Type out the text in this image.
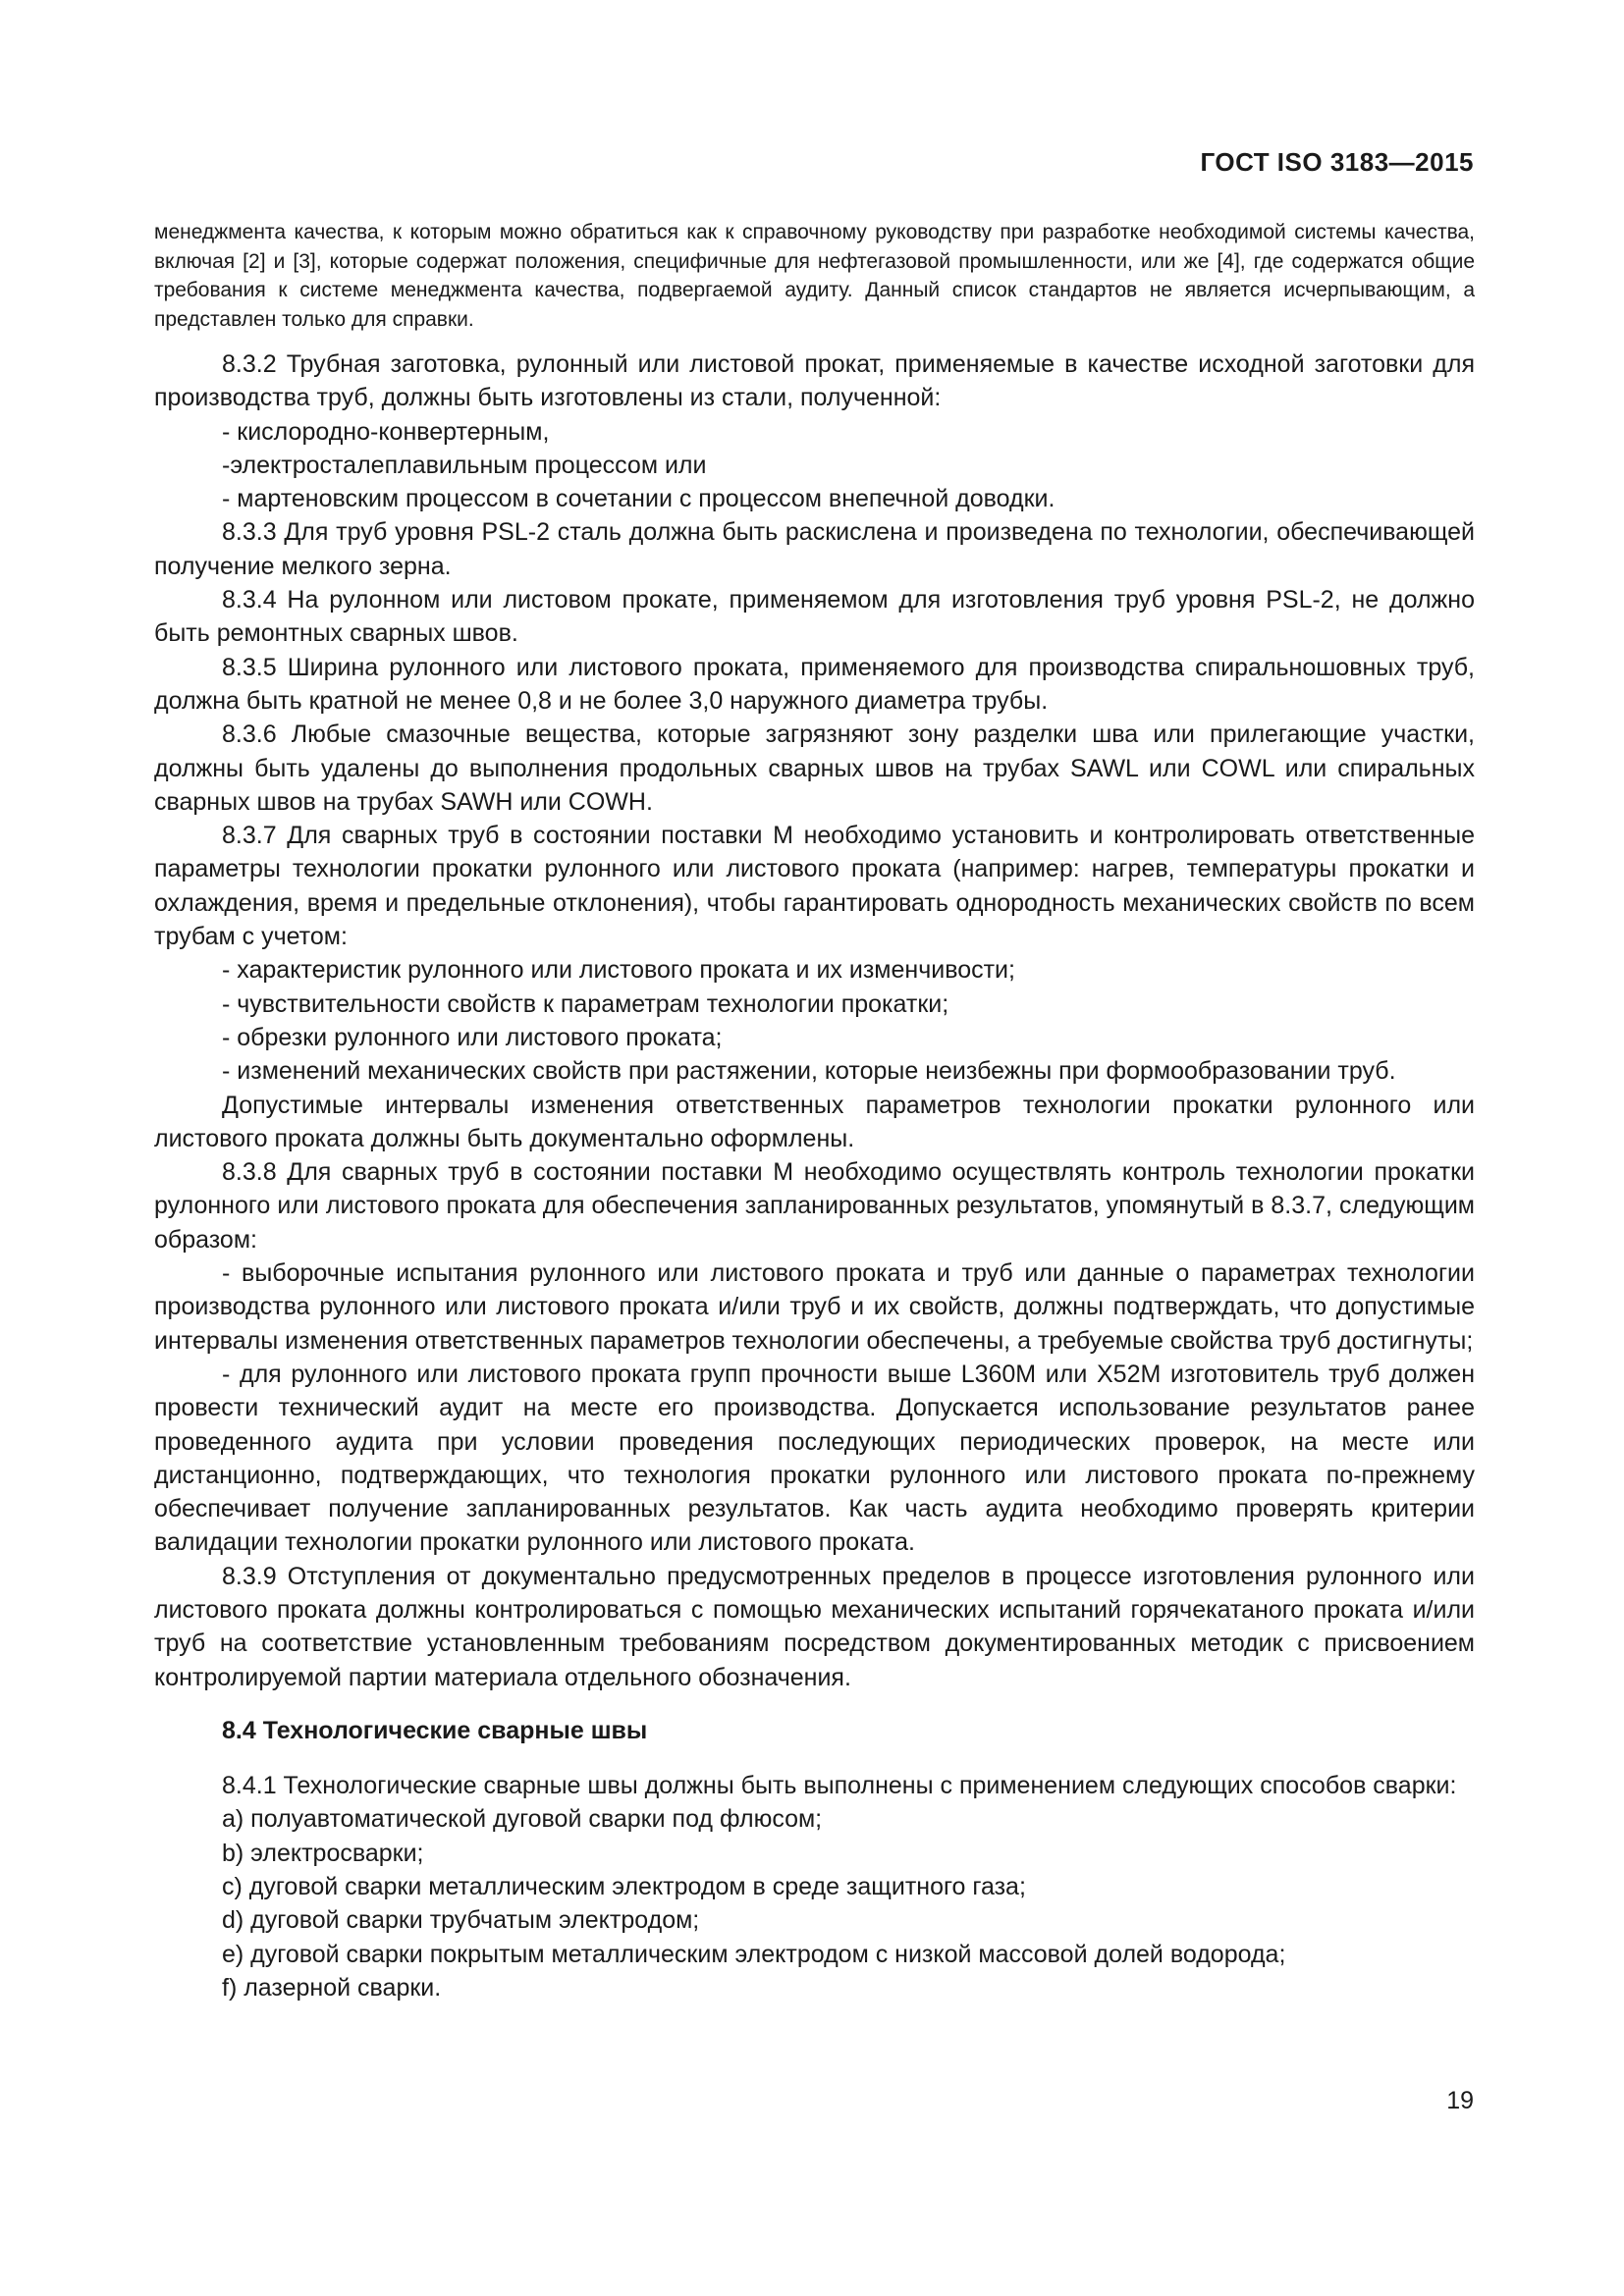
ГОСТ ISO 3183—2015

менеджмента качества, к которым можно обратиться как к справочному руководству при разработке необходимой системы качества, включая [2] и [3], которые содержат положения, специфичные для нефтегазовой промышленности, или же [4], где содержатся общие требования к системе менеджмента качества, подвергаемой аудиту. Данный список стандартов не является исчерпывающим, а представлен только для справки.

8.3.2 Трубная заготовка, рулонный или листовой прокат, применяемые в качестве исходной заготовки для производства труб, должны быть изготовлены из стали, полученной:

- кислородно-конвертерным,

-электросталеплавильным процессом или

- мартеновским процессом в сочетании с процессом внепечной доводки.

8.3.3 Для труб уровня PSL-2 сталь должна быть раскислена и произведена по технологии, обеспечивающей получение мелкого зерна.

8.3.4 На рулонном или листовом прокате, применяемом для изготовления труб уровня PSL-2, не должно быть ремонтных сварных швов.

8.3.5 Ширина рулонного или листового проката, применяемого для производства спиральношовных труб, должна быть кратной не менее 0,8 и не более 3,0 наружного диаметра трубы.

8.3.6 Любые смазочные вещества, которые загрязняют зону разделки шва или прилегающие участки, должны быть удалены до выполнения продольных сварных швов на трубах SAWL или COWL или спиральных сварных швов на трубах SAWH или COWH.

8.3.7 Для сварных труб в состоянии поставки M необходимо установить и контролировать ответственные параметры технологии прокатки рулонного или листового проката (например: нагрев, температуры прокатки и охлаждения, время и предельные отклонения), чтобы гарантировать однородность механических свойств по всем трубам с учетом:

- характеристик рулонного или листового проката и их изменчивости;

- чувствительности свойств к параметрам технологии прокатки;

- обрезки рулонного или листового проката;

- изменений механических свойств при растяжении, которые неизбежны при формообразовании труб.

Допустимые интервалы изменения ответственных параметров технологии прокатки рулонного или листового проката должны быть документально оформлены.

8.3.8 Для сварных труб в состоянии поставки M необходимо осуществлять контроль технологии прокатки рулонного или листового проката для обеспечения запланированных результатов, упомянутый в 8.3.7, следующим образом:

- выборочные испытания рулонного или листового проката и труб или данные о параметрах технологии производства рулонного или листового проката и/или труб и их свойств, должны подтверждать, что допустимые интервалы изменения ответственных параметров технологии обеспечены, а требуемые свойства труб достигнуты;

- для рулонного или листового проката групп прочности выше L360M или X52M изготовитель труб должен провести технический аудит на месте его производства. Допускается использование результатов ранее проведенного аудита при условии проведения последующих периодических проверок, на месте или дистанционно, подтверждающих, что технология прокатки рулонного или листового проката по-прежнему обеспечивает получение запланированных результатов. Как часть аудита необходимо проверять критерии валидации технологии прокатки рулонного или листового проката.

8.3.9 Отступления от документально предусмотренных пределов в процессе изготовления рулонного или листового проката должны контролироваться с помощью механических испытаний горячекатаного проката и/или труб на соответствие установленным требованиям посредством документированных методик с присвоением контролируемой партии материала отдельного обозначения.

8.4 Технологические сварные швы

8.4.1 Технологические сварные швы должны быть выполнены с применением следующих способов сварки:

a) полуавтоматической дуговой сварки под флюсом;

b) электросварки;

c) дуговой сварки металлическим электродом в среде защитного газа;

d) дуговой сварки трубчатым электродом;

e) дуговой сварки покрытым металлическим электродом с низкой массовой долей водорода;

f) лазерной сварки.

19
